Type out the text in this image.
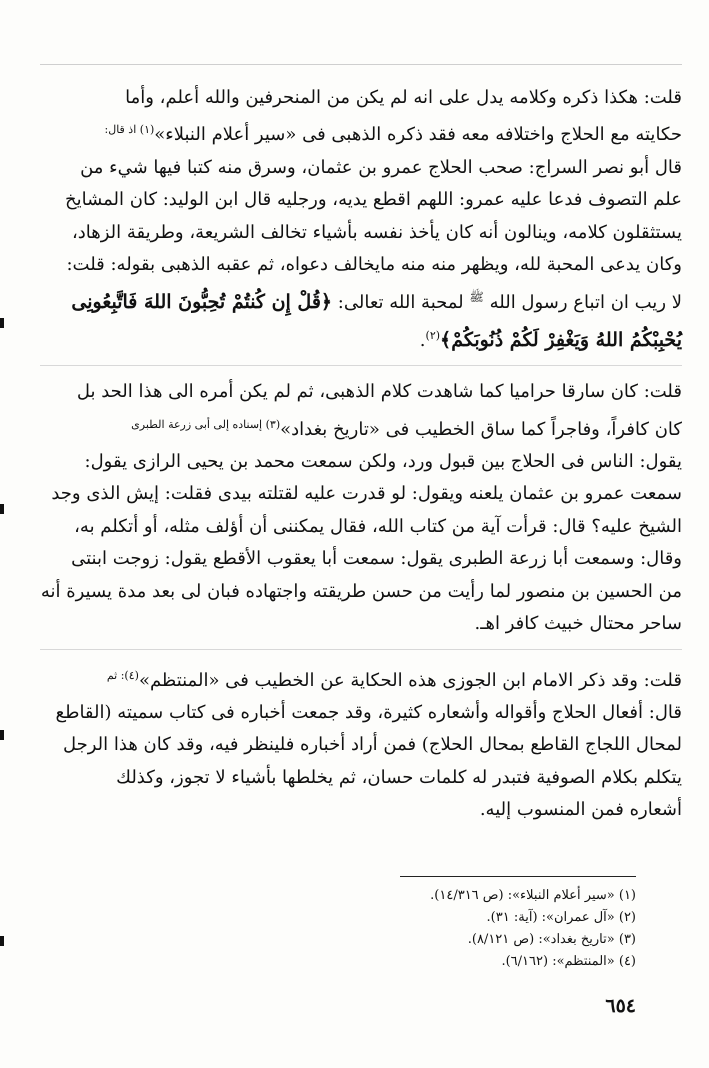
قلت: هكذا ذكره وكلامه يدل على انه لم يكن من المنحرفين والله أعلم، وأما
حكايته مع الحلاج واختلافه معه فقد ذكره الذهبى فى «سير أعلام النبلاء»$^{(١) اذ قال:}$
قال أبو نصر السراج: صحب الحلاج عمرو بن عثمان، وسرق منه كتبا فيها شيء من
علم التصوف فدعا عليه عمرو: اللهم اقطع يديه، ورجليه قال ابن الوليد: كان المشايخ
يستثقلون كلامه، وينالون أنه كان يأخذ نفسه بأشياء تخالف الشريعة، وطريقة الزهاد،
وكان يدعى المحبة لله، ويظهر منه منه مايخالف دعواه، ثم عقبه الذهبى بقوله: قلت:
لا ريب ان اتباع رسول الله $^ﷺ$ لمحبة الله تعالى: ﴿قُلْ إِن كُنتُمْ تُحِبُّونَ اللهَ فَاتَّبِعُونِى
يُحْبِبْكُمُ اللهُ وَيَغْفِرْ لَكُمْ ذُنُوبَكُمْ﴾$^{(٢)}$.

قلت: كان سارقا حراميا كما شاهدت كلام الذهبى، ثم لم يكن أمره الى هذا الحد بل
كان كافراً، وفاجراً كما ساق الخطيب فى «تاريخ بغداد»$^{(٣) إسناده إلى أبى زرعة الطبرى}$
يقول: الناس فى الحلاج بين قبول ورد، ولكن سمعت محمد بن يحيى الرازى يقول:
سمعت عمرو بن عثمان يلعنه ويقول: لو قدرت عليه لقتلته بيدى فقلت: إيش الذى وجد
الشيخ عليه؟ قال: قرأت آية من كتاب الله، فقال يمكننى أن أؤلف مثله، أو أتكلم به،
وقال: وسمعت أبا زرعة الطبرى يقول: سمعت أبا يعقوب الأقطع يقول: زوجت ابنتى
من الحسين بن منصور لما رأيت من حسن طريقته واجتهاده فبان لى بعد مدة يسيرة أنه
ساحر محتال خبيث كافر اهـ.

قلت: وقد ذكر الامام ابن الجوزى هذه الحكاية عن الخطيب فى «المنتظم»$^{(٤): ثم}$
قال: أفعال الحلاج وأقواله وأشعاره كثيرة، وقد جمعت أخباره فى كتاب سميته (القاطع
لمحال اللجاج القاطع بمحال الحلاج) فمن أراد أخباره فلينظر فيه، وقد كان هذا الرجل
يتكلم بكلام الصوفية فتبدر له كلمات حسان، ثم يخلطها بأشياء لا تجوز، وكذلك
أشعاره فمن المنسوب إليه.

(١) «سير أعلام النبلاء»: (ص ١٤/٣١٦).
(٢) «آل عمران»: (آية: ٣١).
(٣) «تاريخ بغداد»: (ص ٨/١٢١).
(٤) «المنتظم»: (٦/١٦٢).
٦٥٤
